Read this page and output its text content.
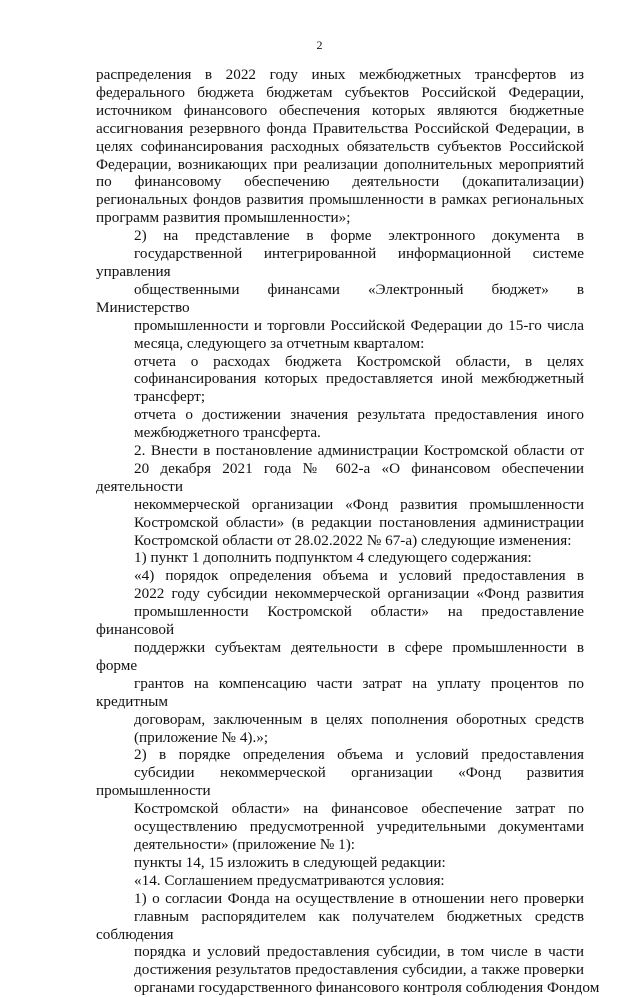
2

распределения в 2022 году иных межбюджетных трансфертов из
федерального бюджета бюджетам субъектов Российской Федерации,
источником финансового обеспечения которых являются бюджетные
ассигнования резервного фонда Правительства Российской Федерации, в
целях софинансирования расходных обязательств субъектов Российской
Федерации, возникающих при реализации дополнительных мероприятий
по финансовому обеспечению деятельности (докапитализации)
региональных фондов развития промышленности в рамках региональных
программ развития промышленности»;

2) на представление в форме электронного документа в
государственной интегрированной информационной системе управления
общественными финансами «Электронный бюджет» в Министерство
промышленности и торговли Российской Федерации до 15-го числа
месяца, следующего за отчетным кварталом:

отчета о расходах бюджета Костромской области, в целях
софинансирования которых предоставляется иной межбюджетный
трансферт;

отчета о достижении значения результата предоставления иного
межбюджетного трансферта.

2. Внести в постановление администрации Костромской области от
20 декабря 2021 года № 602-а «О финансовом обеспечении деятельности
некоммерческой организации «Фонд развития промышленности
Костромской области» (в редакции постановления администрации
Костромской области от 28.02.2022 № 67-а) следующие изменения:

1) пункт 1 дополнить подпунктом 4 следующего содержания:

«4) порядок определения объема и условий предоставления в
2022 году субсидии некоммерческой организации «Фонд развития
промышленности Костромской области» на предоставление финансовой
поддержки субъектам деятельности в сфере промышленности в форме
грантов на компенсацию части затрат на уплату процентов по кредитным
договорам, заключенным в целях пополнения оборотных средств
(приложение № 4).»;

2) в порядке определения объема и условий предоставления
субсидии некоммерческой организации «Фонд развития промышленности
Костромской области» на финансовое обеспечение затрат по
осуществлению предусмотренной учредительными документами
деятельности» (приложение № 1):

пункты 14, 15 изложить в следующей редакции:

«14. Соглашением предусматриваются условия:

1) о согласии Фонда на осуществление в отношении него проверки
главным распорядителем как получателем бюджетных средств соблюдения
порядка и условий предоставления субсидии, в том числе в части
достижения результатов предоставления субсидии, а также проверки
органами государственного финансового контроля соблюдения Фондом
